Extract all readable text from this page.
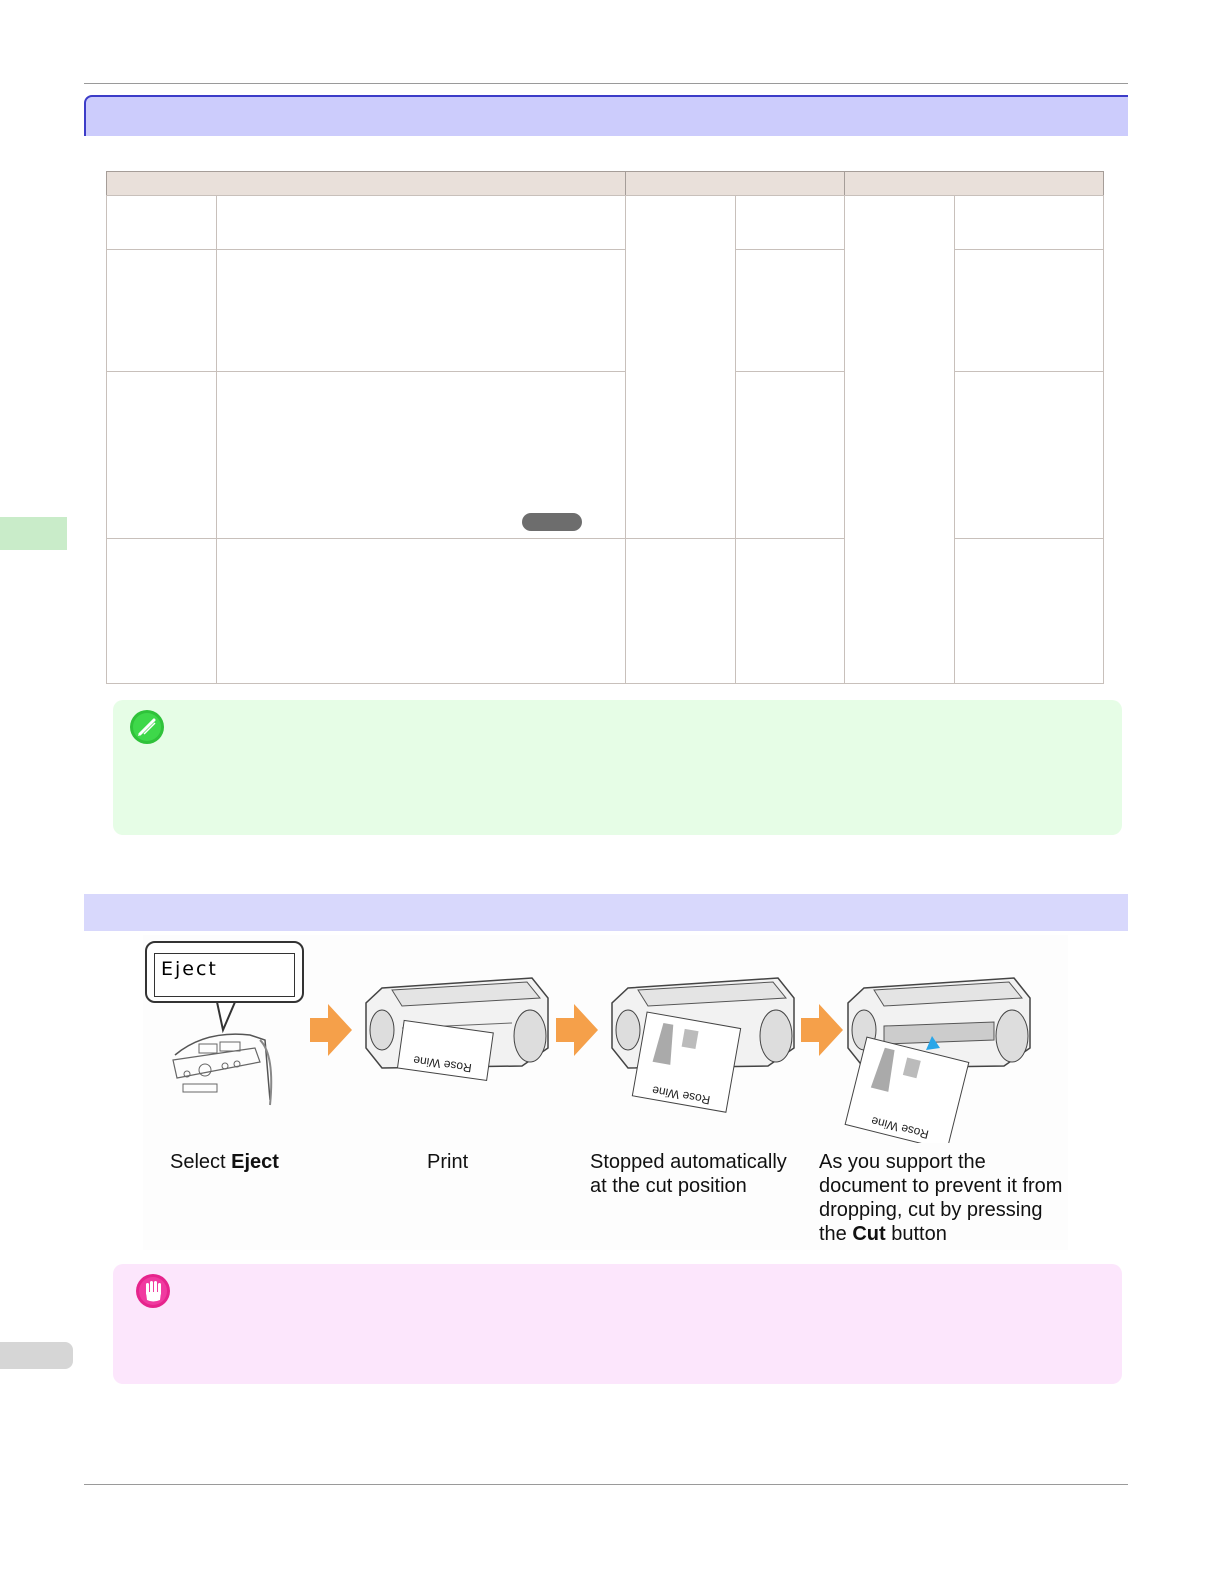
Eject
Rose Wine
Rose Wine
Rose Wine
Select Eject	Print	Stopped automatically at the cut position
As you support the document to prevent it from dropping, cut by pressing the Cut button
